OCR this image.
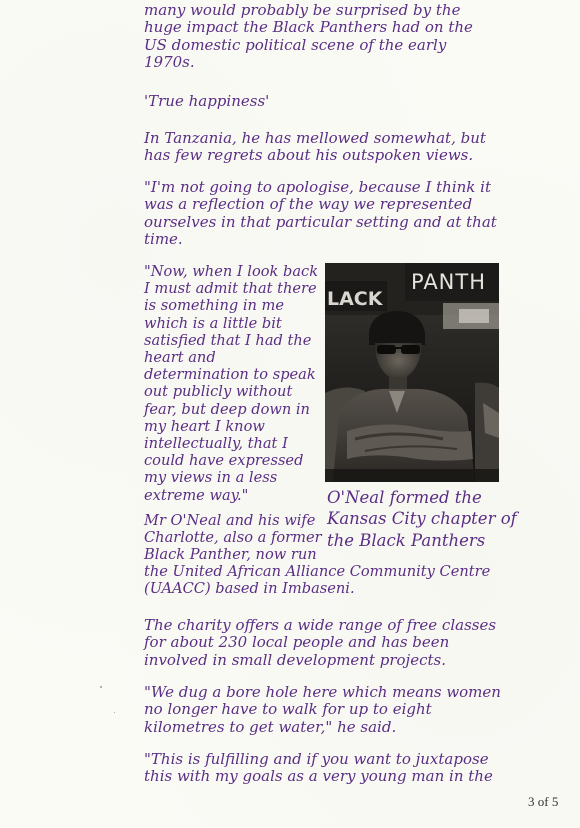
many would probably be surprised by the huge impact the Black Panthers had on the US domestic political scene of the early 1970s.

'True happiness'

In Tanzania, he has mellowed somewhat, but has few regrets about his outspoken views.

"I'm not going to apologise, because I think it was a reflection of the way we represented ourselves in that particular setting and at that time.

"Now, when I look back I must admit that there is something in me which is a little bit satisfied that I had the heart and determination to speak out publicly without fear, but deep down in my heart I know intellectually, that I could have expressed my views in a less extreme way."

LACK
PANTH

O'Neal formed the Kansas City chapter of the Black Panthers

Mr O'Neal and his wife Charlotte, also a former Black Panther, now run

the United African Alliance Community Centre (UAACC) based in Imbaseni.

The charity offers a wide range of free classes for about 230 local people and has been involved in small development projects.

"We dug a bore hole here which means women no longer have to walk for up to eight kilometres to get water," he said.

"This is fulfilling and if you want to juxtapose this with my goals as a very young man in the

3 of 5
